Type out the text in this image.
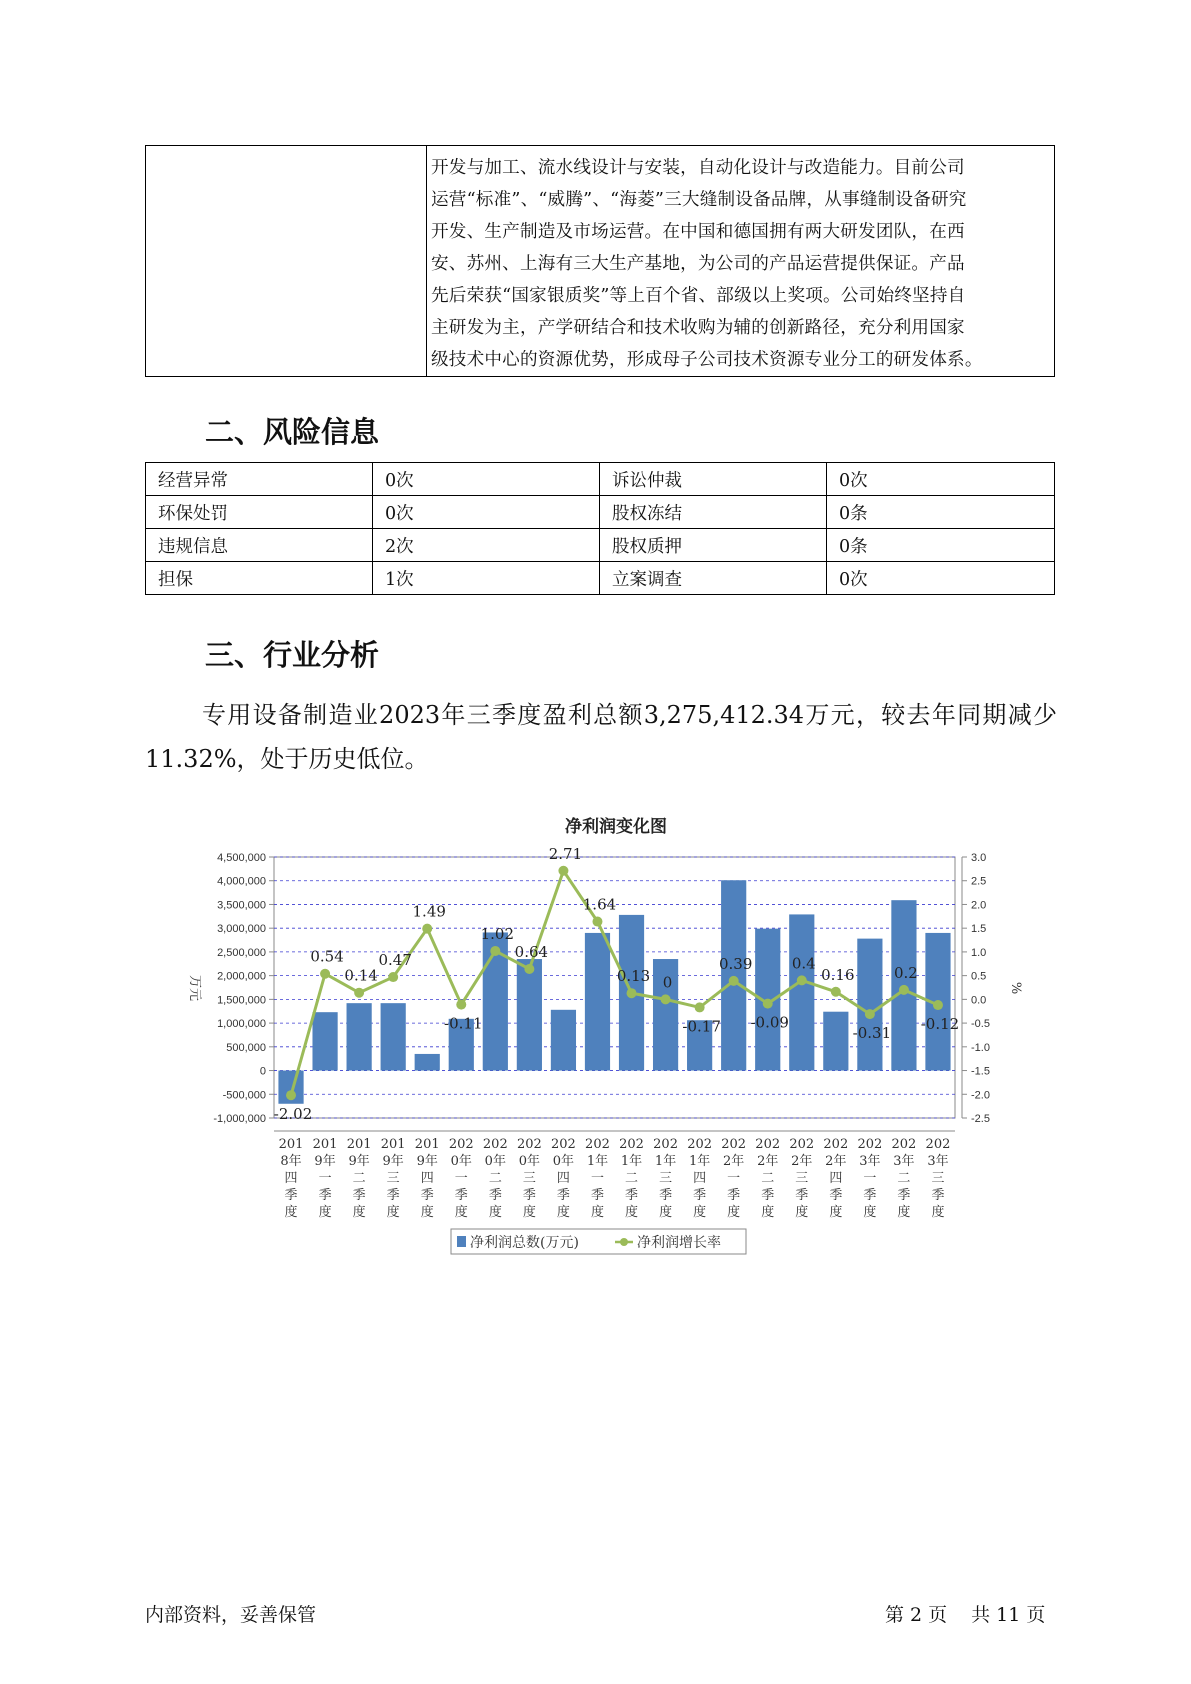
开发与加工、流水线设计与安装，自动化设计与改造能力。目前公司
运营“标准”、“威腾”、“海菱”三大缝制设备品牌，从事缝制设备研究
开发、生产制造及市场运营。在中国和德国拥有两大研发团队，在西
安、苏州、上海有三大生产基地，为公司的产品运营提供保证。产品
先后荣获“国家银质奖”等上百个省、部级以上奖项。公司始终坚持自
主研发为主，产学研结合和技术收购为辅的创新路径，充分利用国家
级技术中心的资源优势，形成母子公司技术资源专业分工的研发体系。
二、风险信息
经营异常	0次	诉讼仲裁	0次
环保处罚	0次	股权冻结	0条
违规信息	2次	股权质押	0条
担保	1次	立案调查	0次
三、行业分析

专用设备制造业2023年三季度盈利总额3,275,412.34万元，较去年同期减少11.32%，处于历史低位。

净利润变化图
4,500,000
4,000,000
3,500,000
3,000,000
2,500,000
2,000,000
1,500,000
1,000,000
500,000
0
-500,000
-1,000,000
3.0
2.5
2.0
1.5
1.0
0.5
0.0
-0.5
-1.0
-1.5
-2.0
-2.5
万元	%
-2.02
0.54
0.14
0.47
1.49
-0.11
1.02
0.64
2.71
1.64
0.13 0
-0.17
0.39
-0.09
0.4
0.16
-0.31
0.2
-0.12
201
8年
四
季
度
201
9年
一
季
度
201
9年
二
季
度
201
9年
三
季
度
201
9年
四
季
度
202
0年
一
季
度
202
0年
二
季
度
202
0年
三
季
度
202
0年
四
季
度
202
1年
一
季
度
202
1年
二
季
度
202
1年
三
季
度
202
1年
四
季
度
202
2年
一
季
度
202
2年
二
季
度
202
2年
三
季
度
202
2年
四
季
度
202
3年
一
季
度
202
3年
二
季
度
202
3年
三
季
度
净利润总数(万元)	净利润增长率
内部资料，妥善保管	第 2 页 共 11 页
